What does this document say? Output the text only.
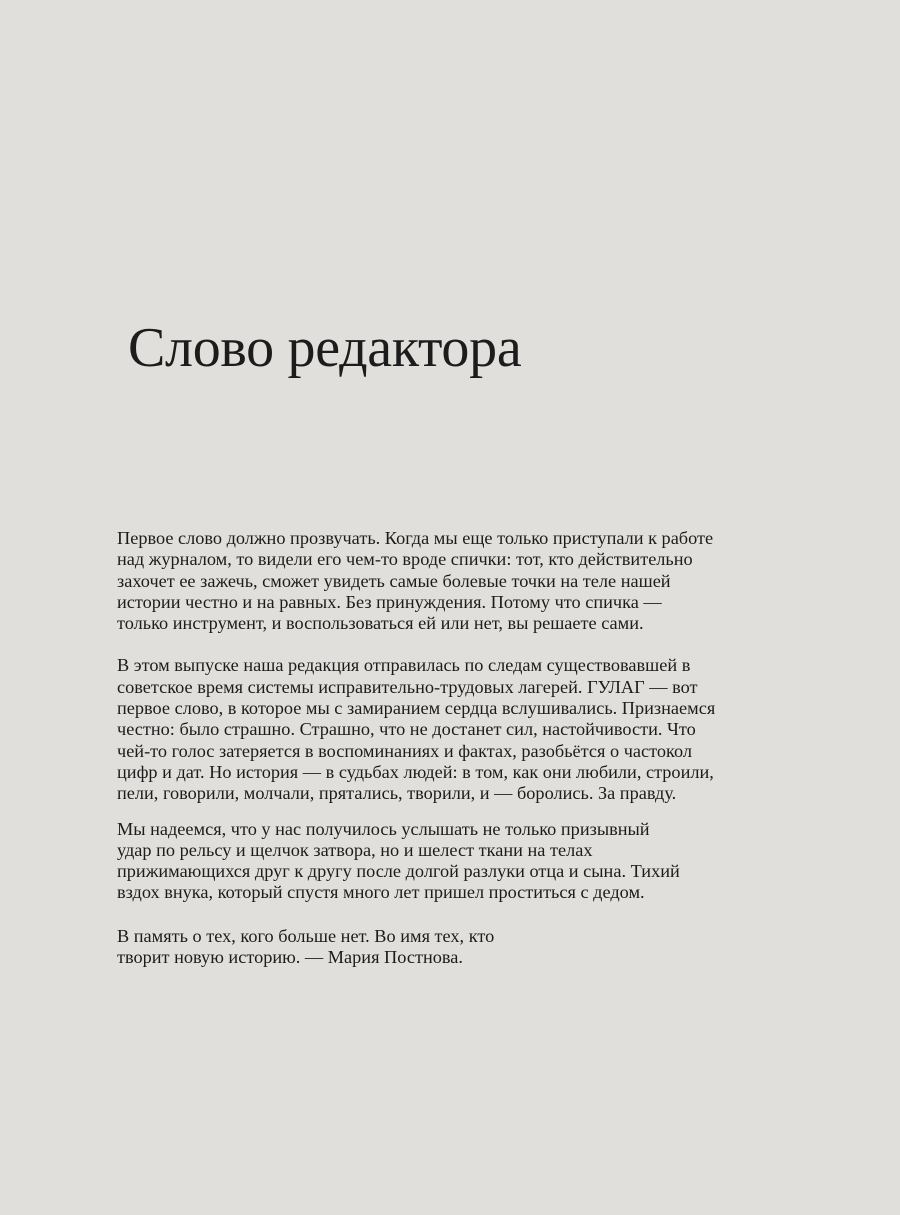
Слово редактора

Первое слово должно прозвучать. Когда мы еще только приступали к работе
над журналом, то видели его чем-то вроде спички: тот, кто действительно
захочет ее зажечь, сможет увидеть самые болевые точки на теле нашей
истории честно и на равных. Без принуждения. Потому что спичка —
только инструмент, и воспользоваться ей или нет, вы решаете сами.

В этом выпуске наша редакция отправилась по следам существовавшей в
советское время системы исправительно-трудовых лагерей. ГУЛАГ — вот
первое слово, в которое мы с замиранием сердца вслушивались. Признаемся
честно: было страшно. Страшно, что не достанет сил, настойчивости. Что
чей-то голос затеряется в воспоминаниях и фактах, разобьётся о частокол
цифр и дат. Но история — в судьбах людей: в том, как они любили, строили,
пели, говорили, молчали, прятались, творили, и — боролись. За правду.

Мы надеемся, что у нас получилось услышать не только призывный
удар по рельсу и щелчок затвора, но и шелест ткани на телах
прижимающихся друг к другу после долгой разлуки отца и сына. Тихий
вздох внука, который спустя много лет пришел проститься с дедом.

В память о тех, кого больше нет. Во имя тех, кто
творит новую историю. — Мария Постнова.
